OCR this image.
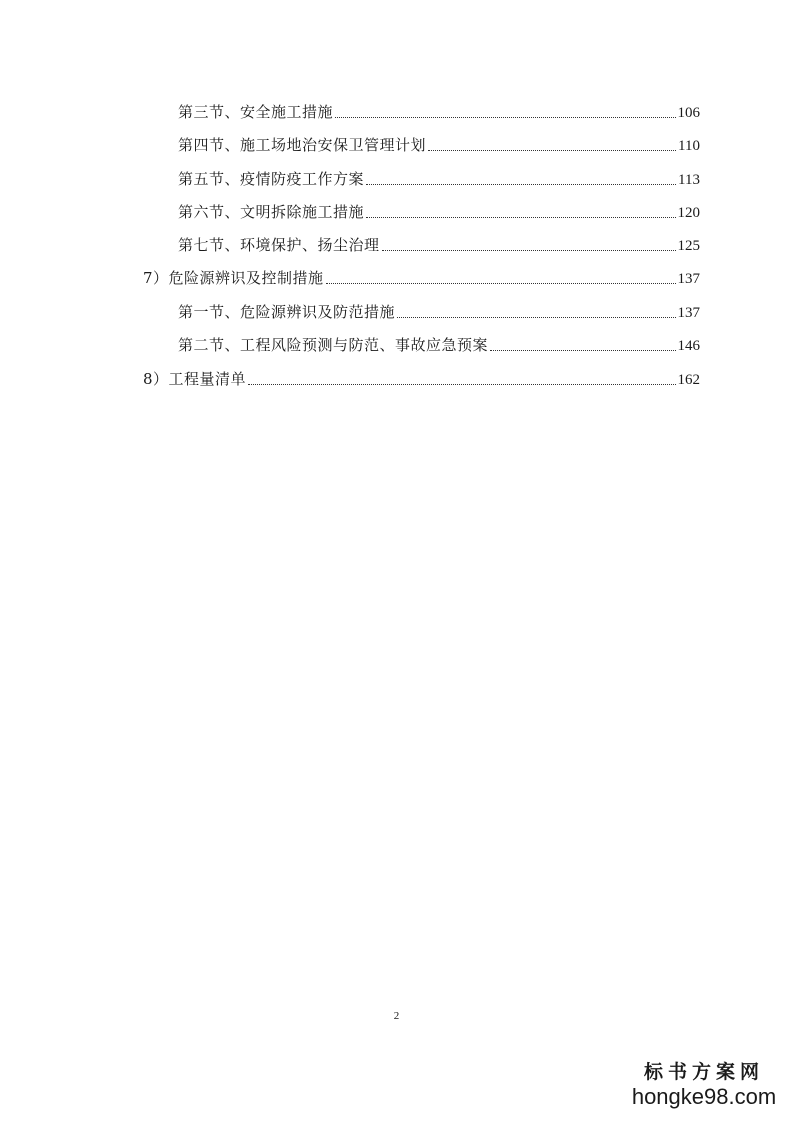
第三节、安全施工措施	106
第四节、施工场地治安保卫管理计划	110
第五节、疫情防疫工作方案	113
第六节、文明拆除施工措施	120
第七节、环境保护、扬尘治理	125
7）危险源辨识及控制措施	137
第一节、危险源辨识及防范措施	137
第二节、工程风险预测与防范、事故应急预案	146
8）工程量清单	162
2
标书方案网
hongke98.com
